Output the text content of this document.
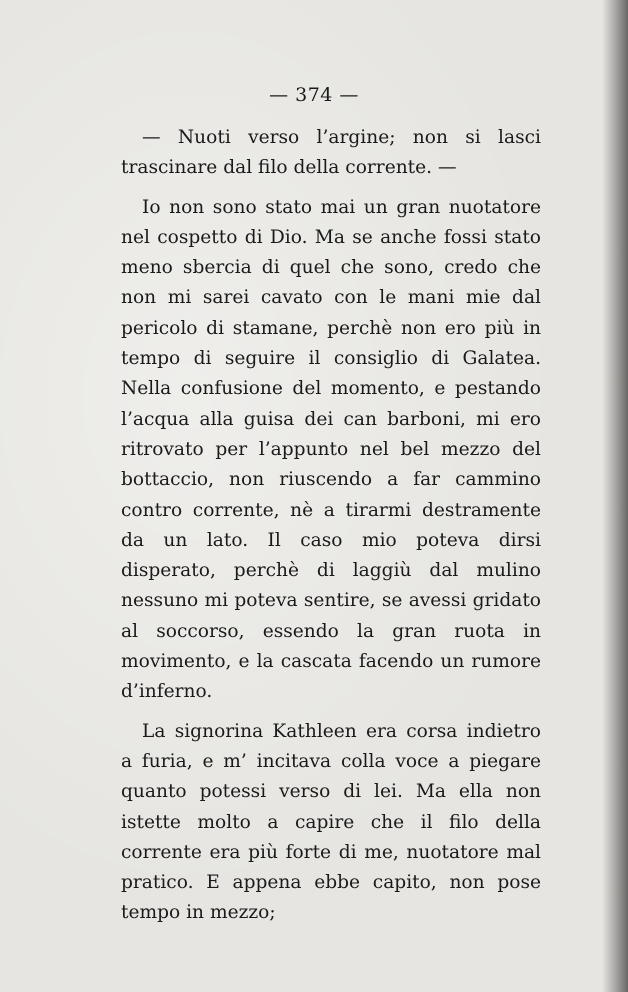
— 374 —

— Nuoti verso l’argine; non si lasci trascinare dal filo della corrente. —

Io non sono stato mai un gran nuotatore nel cospetto di Dio. Ma se anche fossi stato meno sbercia di quel che sono, credo che non mi sarei cavato con le mani mie dal pericolo di stamane, perchè non ero più in tempo di seguire il consiglio di Galatea. Nella confusione del momento, e pestando l’acqua alla guisa dei can barboni, mi ero ritrovato per l’appunto nel bel mezzo del bottaccio, non riuscendo a far cammino contro corrente, nè a tirarmi destramente da un lato. Il caso mio poteva dirsi disperato, perchè di laggiù dal mulino nessuno mi poteva sentire, se avessi gridato al soccorso, essendo la gran ruota in movimento, e la cascata facendo un rumore d’inferno.

La signorina Kathleen era corsa indietro a furia, e m’ incitava colla voce a piegare quanto potessi verso di lei. Ma ella non istette molto a capire che il filo della corrente era più forte di me, nuotatore mal pratico. E appena ebbe capito, non pose tempo in mezzo;
